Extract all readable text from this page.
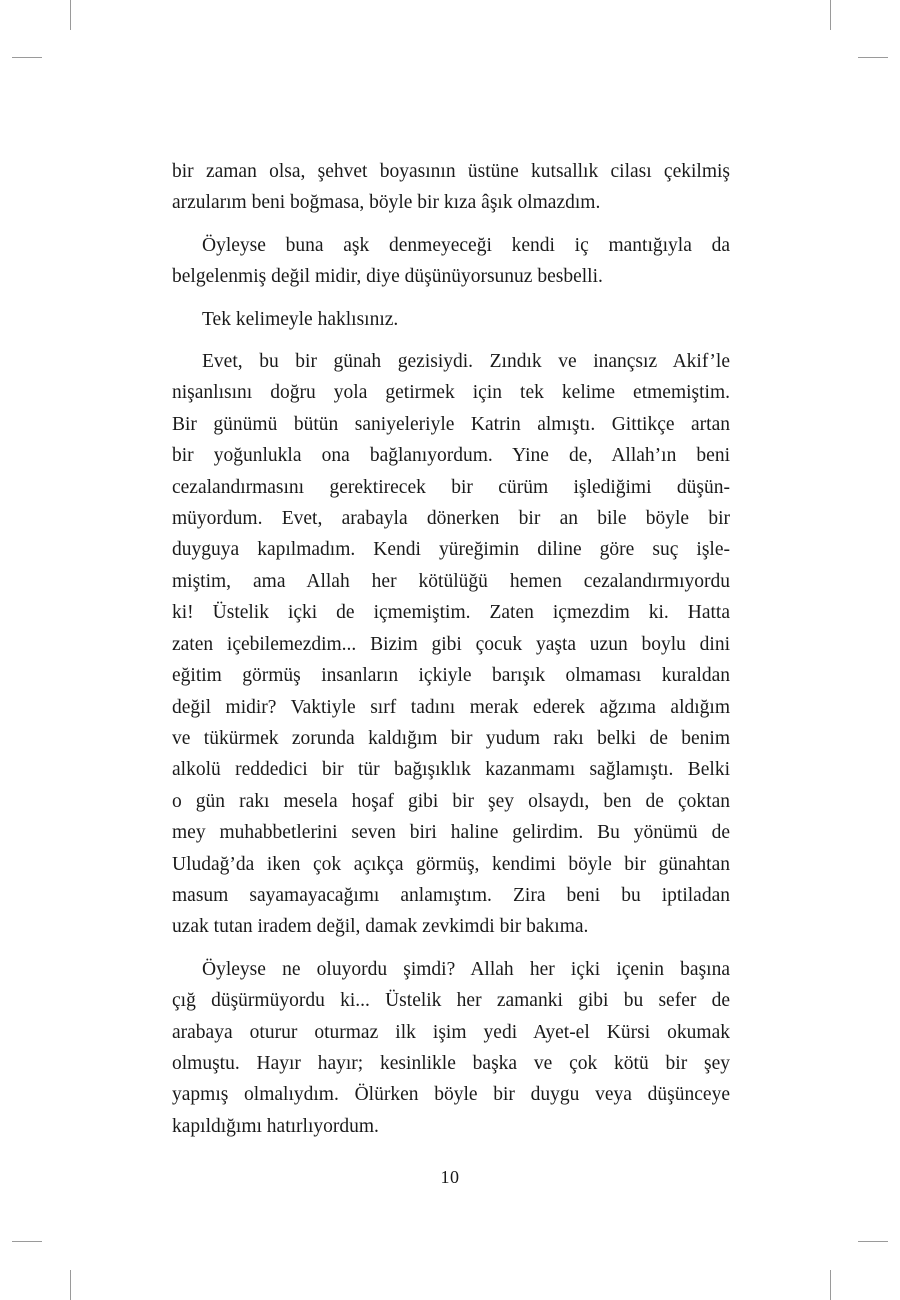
bir zaman olsa, şehvet boyasının üstüne kutsallık cilası çekilmiş
arzularım beni boğmasa, böyle bir kıza âşık olmazdım.
Öyleyse buna aşk denmeyeceği kendi iç mantığıyla da
belgelenmiş değil midir, diye düşünüyorsunuz besbelli.
Tek kelimeyle haklısınız.
Evet, bu bir günah gezisiydi. Zındık ve inançsız Akif’le
nişanlısını doğru yola getirmek için tek kelime etmemiştim.
Bir günümü bütün saniyeleriyle Katrin almıştı. Gittikçe artan
bir yoğunlukla ona bağlanıyordum. Yine de, Allah’ın beni
cezalandırmasını gerektirecek bir cürüm işlediğimi düşün-
müyordum. Evet, arabayla dönerken bir an bile böyle bir
duyguya kapılmadım. Kendi yüreğimin diline göre suç işle-
miştim, ama Allah her kötülüğü hemen cezalandırmıyordu
ki! Üstelik içki de içmemiştim. Zaten içmezdim ki. Hatta
zaten içebilemezdim... Bizim gibi çocuk yaşta uzun boylu dini
eğitim görmüş insanların içkiyle barışık olmaması kuraldan
değil midir? Vaktiyle sırf tadını merak ederek ağzıma aldığım
ve tükürmek zorunda kaldığım bir yudum rakı belki de benim
alkolü reddedici bir tür bağışıklık kazanmamı sağlamıştı. Belki
o gün rakı mesela hoşaf gibi bir şey olsaydı, ben de çoktan
mey muhabbetlerini seven biri haline gelirdim. Bu yönümü de
Uludağ’da iken çok açıkça görmüş, kendimi böyle bir günahtan
masum sayamayacağımı anlamıştım. Zira beni bu iptiladan
uzak tutan iradem değil, damak zevkimdi bir bakıma.
Öyleyse ne oluyordu şimdi? Allah her içki içenin başına
çığ düşürmüyordu ki... Üstelik her zamanki gibi bu sefer de
arabaya oturur oturmaz ilk işim yedi Ayet-el Kürsi okumak
olmuştu. Hayır hayır; kesinlikle başka ve çok kötü bir şey
yapmış olmalıydım. Ölürken böyle bir duygu veya düşünceye
kapıldığımı hatırlıyordum.
10
